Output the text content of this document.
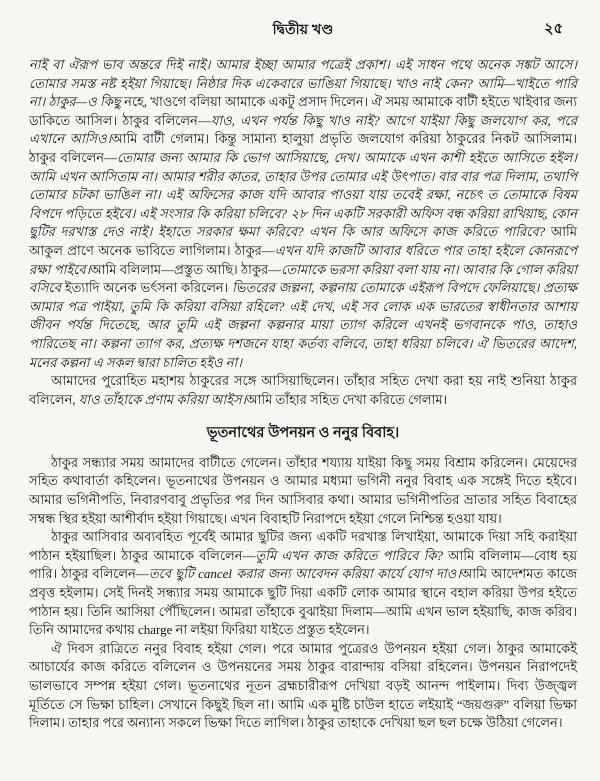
দ্বিতীয় খণ্ড	২৫

নাই বা ঐরূপ ভাব অন্তরে দিই নাই। আমার ইচ্ছা আমার পত্রেই প্রকাশ। এই সাধন পথে অনেক সঙ্কট আসে। তোমার সমস্ত নষ্ট হইয়া গিয়াছে। নিষ্ঠার দিক একেবারে ভাঙিয়া গিয়াছে। খাও নাই কেন? আমি—খাইতে পারি না। ঠাকুর—ও কিছু নহে, খাওগে বলিয়া আমাকে একটু প্রসাদ দিলেন। ঐ সময় আমাকে বাটী হইতে খাইবার জন্য ডাকিতে আসিল। ঠাকুর বলিলেন—যাও, এখন পর্যন্ত কিছু খাও নাই? আগে যাইয়া কিছু জলযোগ কর, পরে এখানে আসিও।আমি বাটী গেলাম। কিন্তু সামান্য হালুয়া প্রভৃতি জলযোগ করিয়া ঠাকুরের নিকট আসিলাম। ঠাকুর বলিলেন—তোমার জন্য আমার কি ভোগ আসিয়াছে, দেখ। আমাকে এখন কাশী হইতে আসিতে হইল। আমি এখন আসিতাম না। আমার শরীর কাতর, তাহার উপর তোমার এই উৎপাত। বার বার পত্র দিলাম, তথাপি তোমার চটকা ভাঙিল না। এই অফিসের কাজ যদি আবার পাওয়া যায় তবেই রক্ষা, নচেৎ ত তোমাকে বিষম বিপদে পড়িতে হইবে। এই সংসার কি করিয়া চলিবে? ২৮ দিন একটি সরকারী অফিস বন্ধ করিয়া রাখিয়াছ, কোন ছুটির দরখাস্ত দেও নাই। ইহাতে সরকার ক্ষমা করিবে? এখন কি আর অফিসে কাজ করিতে পারিবে? আমি আকুল প্রাণে অনেক ভাবিতে লাগিলাম। ঠাকুর—এখন যদি কাজটি আবার ধরিতে পার তাহা হইলে কোনরূপে রক্ষা পাইবে।আমি বলিলাম—প্রস্তুত আছি। ঠাকুর—তোমাকে ভরসা করিয়া বলা যায় না। আবার কি গোল করিয়া বসিবে ইত্যাদি অনেক ভর্ৎসনা করিলেন। ভিতরের জল্পনা, কল্পনায় তোমাকে এইরূপ বিপদে ফেলিয়াছে। প্রত্যক্ষ আমার পত্র পাইয়া, তুমি কি করিয়া বসিয়া রহিলে? এই দেখ, এই সব লোক এক ভারতের স্বাধীনতার আশায় জীবন পর্যন্ত দিতেছে, আর তুমি এই জল্পনা কল্পনার মায়া ত্যাগ করিলে এখনই ভগবানকে পাও, তাহাও পারিতেছ না। কল্পনা ত্যাগ কর, প্রত্যক্ষ দশজনে যাহা কর্তব্য বলিবে, তাহা ধরিয়া চলিবে। ঐ ভিতরের আদেশ, মনের কল্পনা এ সকল দ্বারা চালিত হইও না।

আমাদের পুরোহিত মহাশয় ঠাকুরের সঙ্গে আসিয়াছিলেন। তাঁহার সহিত দেখা করা হয় নাই শুনিয়া ঠাকুর বলিলেন, যাও তাঁহাকে প্রণাম করিয়া আইস।আমি তাঁহার সহিত দেখা করিতে গেলাম।

ভূতনাথের উপনয়ন ও ননুর বিবাহ।

ঠাকুর সন্ধ্যার সময় আমাদের বাটীতে গেলেন। তাঁহার শয্যায় যাইয়া কিছু সময় বিশ্রাম করিলেন। মেয়েদের সহিত কথাবার্তা কহিলেন। ভূতনাথের উপনয়ন ও আমার মধ্যমা ভগিনী ননুর বিবাহ এক সঙ্গেই দিতে হইবে। আমার ভগিনীপতি, নিবারণবাবু প্রভৃতির পর দিন আসিবার কথা। আমার ভগিনীপতির ভ্রাতার সহিত বিবাহের সম্বন্ধ স্থির হইয়া আশীর্বাদ হইয়া গিয়াছে। এখন বিবাহটি নিরাপদে হইয়া গেলে নিশ্চিন্ত হওয়া যায়।

ঠাকুর আসিবার অব্যবহিত পূর্বেই আমার ছুটির জন্য একটি দরখাস্ত লিখাইয়া, আমাকে দিয়া সহি করাইয়া পাঠান হইয়াছিল। ঠাকুর আমাকে বলিলেন—তুমি এখন কাজ করিতে পারিবে কি? আমি বলিলাম—বোধ হয় পারি। ঠাকুর বলিলেন—তবে ছুটি cancel করার জন্য আবেদন করিয়া কার্যে যোগ দাও।আমি আদেশমত কাজে প্রবৃত্ত হইলাম। সেই দিনই সন্ধ্যার সময় আমাকে ছুটি দিয়া একটি লোক আমার স্থানে বহাল করিয়া উপর হইতে পাঠান হয়। তিনি আসিয়া পৌঁছিলেন। আমরা তাঁহাকে বুঝাইয়া দিলাম—আমি এখন ভাল হইয়াছি, কাজ করিব। তিনি আমাদের কথায় charge না লইয়া ফিরিয়া যাইতে প্রস্তুত হইলেন।

ঐ দিবস রাত্রিতে ননুর বিবাহ হইয়া গেল। পরে আমার পুত্রেরও উপনয়ন হইয়া গেল। ঠাকুর আমাকেই আচার্যের কাজ করিতে বলিলেন ও উপনয়নের সময় ঠাকুর বারান্দায় বসিয়া রহিলেন। উপনয়ন নিরাপদেই ভালভাবে সম্পন্ন হইয়া গেল। ভূতনাথের নূতন ব্রহ্মচারীরূপ দেখিয়া বড়ই আনন্দ পাইলাম। দিব্য উজ্জ্বল মূর্তিতে সে ভিক্ষা চাহিল। সেখানে কিছুই ছিল না। আমি এক মুষ্টি চাউল হাতে লইয়াই “জয়গুরু” বলিয়া ভিক্ষা দিলাম। তাহার পরে অন্যান্য সকলে ভিক্ষা দিতে লাগিল। ঠাকুর তাহাকে দেখিয়া ছল ছল চক্ষে উঠিয়া গেলেন।
